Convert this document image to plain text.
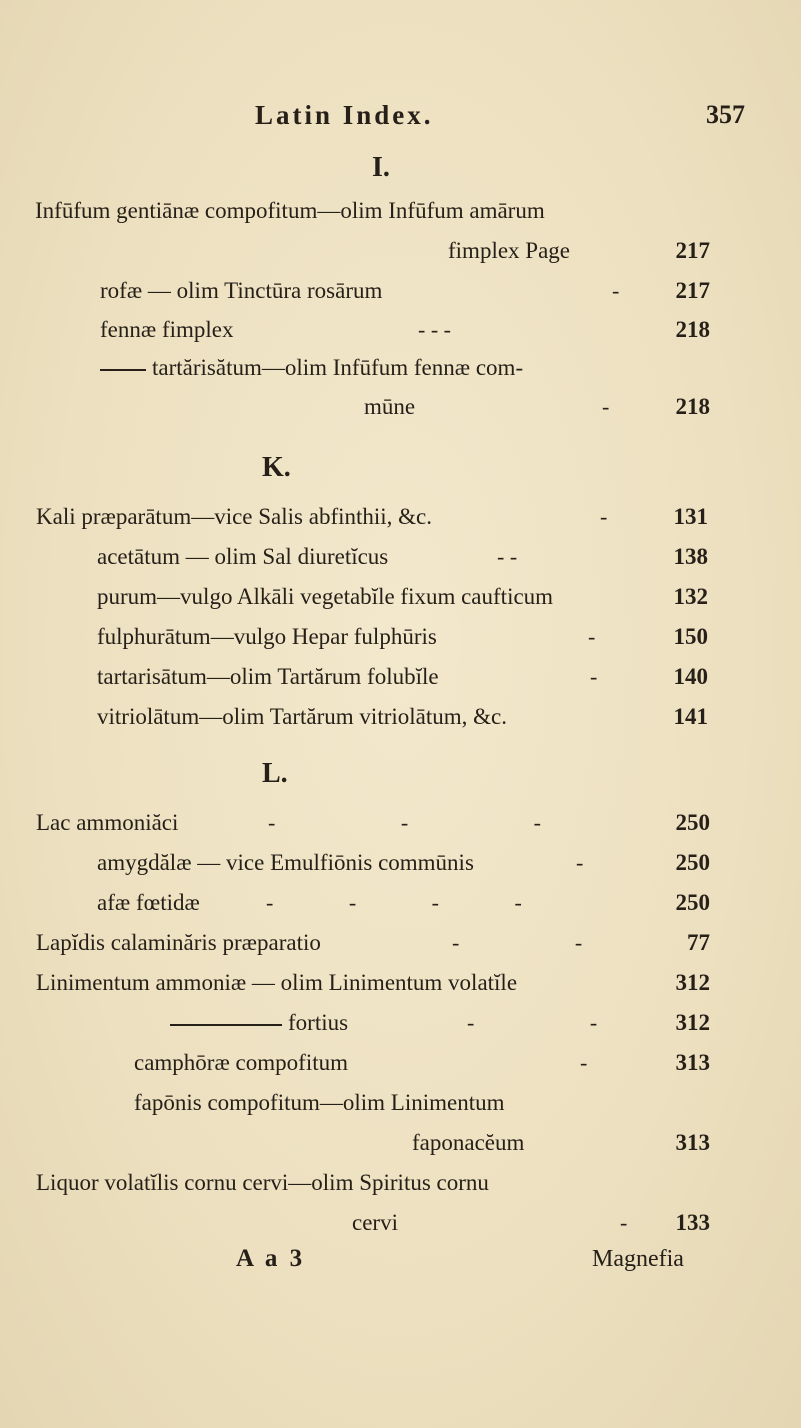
Latin Index.	357
I.
Infūfum gentiānæ compofitum—olim Infūfum amārum
fimplex Page	217
rofæ — olim Tinctūra rosārum	-	217
fennæ fimplex	- - -	218
tartărisătum—olim Infūfum fennæ com-
mūne	-	218
K.
Kali præparātum—vice Salis abfinthii, &c.	-	131
acetātum — olim Sal diuretĭcus	- -	138
purum—vulgo Alkāli vegetabĭle fixum caufticum	132
fulphurātum—vulgo Hepar fulphūris	-	150
tartarisātum—olim Tartărum folubĭle	-	140
vitriolātum—olim Tartărum vitriolātum, &c.	141
L.
Lac ammoniăci	- - -	250
amygdălæ — vice Emulfiōnis commūnis	-	250
afæ fœtidæ	- - - -	250
Lapĭdis calaminăris præparatio	- -	77
Linimentum ammoniæ — olim Linimentum volatĭle	312
fortius	- -	312
camphōræ compofitum	-	313
fapōnis compofitum—olim Linimentum
faponacĕum	313
Liquor volatĭlis cornu cervi—olim Spiritus cornu
cervi	-	133
A a 3	Magnefia
